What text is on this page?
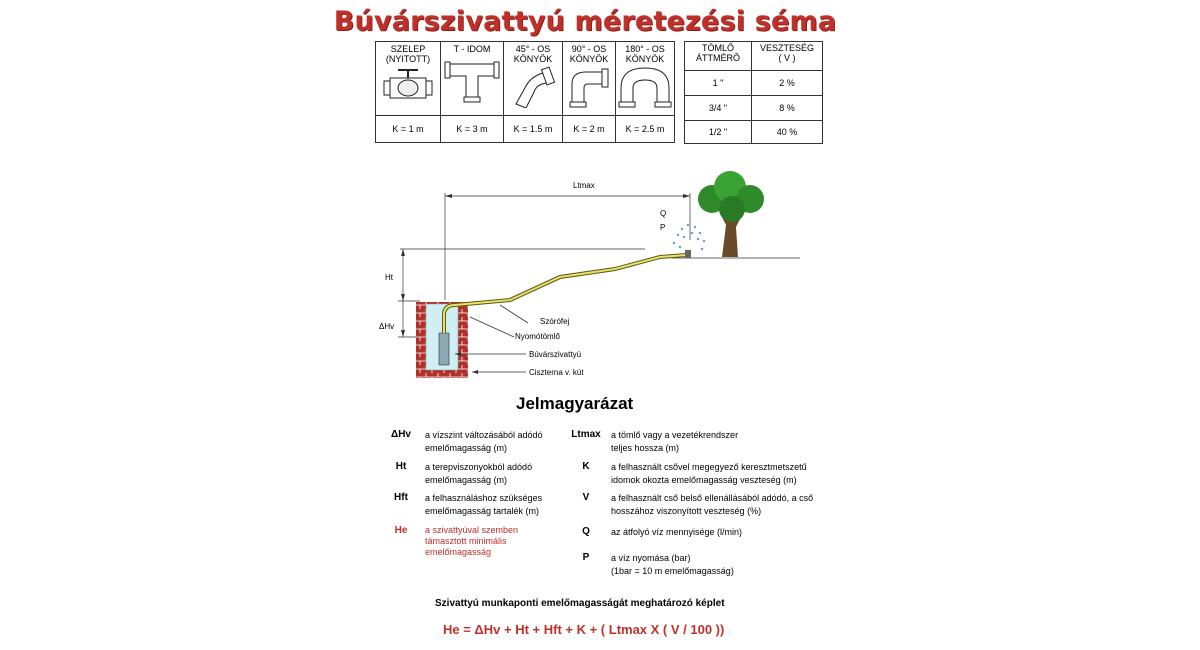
Búvárszivattyú méretezési séma
SZELEP
(NYITOTT)	T - IDOM	45° - OS
KÖNYÖK	90° - OS
KÖNYÖK	180° - OS
KÖNYÖK

K = 1 m	K = 3 m	K = 1.5 m	K = 2 m	K = 2.5 m
TÖMLŐ
ÁTTMÉRŐ	VESZTESÉG
( V )
1 "	2 %
3/4 "	8 %
1/2 "	40 %
Ltmax
Q
P
Ht
ΔHv
Szórófej
Nyomótömlő
Búvárszivattyú
Ciszterna v. kút
Jelmagyarázat
ΔHv	a vízszint változásából adódó
emelőmagasság (m)
Ht	a terepviszonyokból adódó
emelőmagasság (m)
Hft	a felhasználáshoz szükséges
emelőmagasság tartalék (m)
He	a szivattyúval szemben
támasztott minimális
emelőmagasság
Ltmax	a tömlő vagy a vezetékrendszer
teljes hossza (m)
K	a felhasznált csővel megegyező keresztmetszetű
idomok okozta emelőmagasság veszteség (m)
V	a felhasznált cső belső ellenállásából adódó, a cső
hosszához viszonyított veszteség (%)
Q	az átfolyó víz mennyisége (l/min)
P	a víz nyomása (bar)
(1bar = 10 m emelőmagasság)
Szivattyú munkaponti emelőmagasságát meghatározó képlet
He = ΔHv + Ht + Hft + K + ( Ltmax X ( V / 100 ))
